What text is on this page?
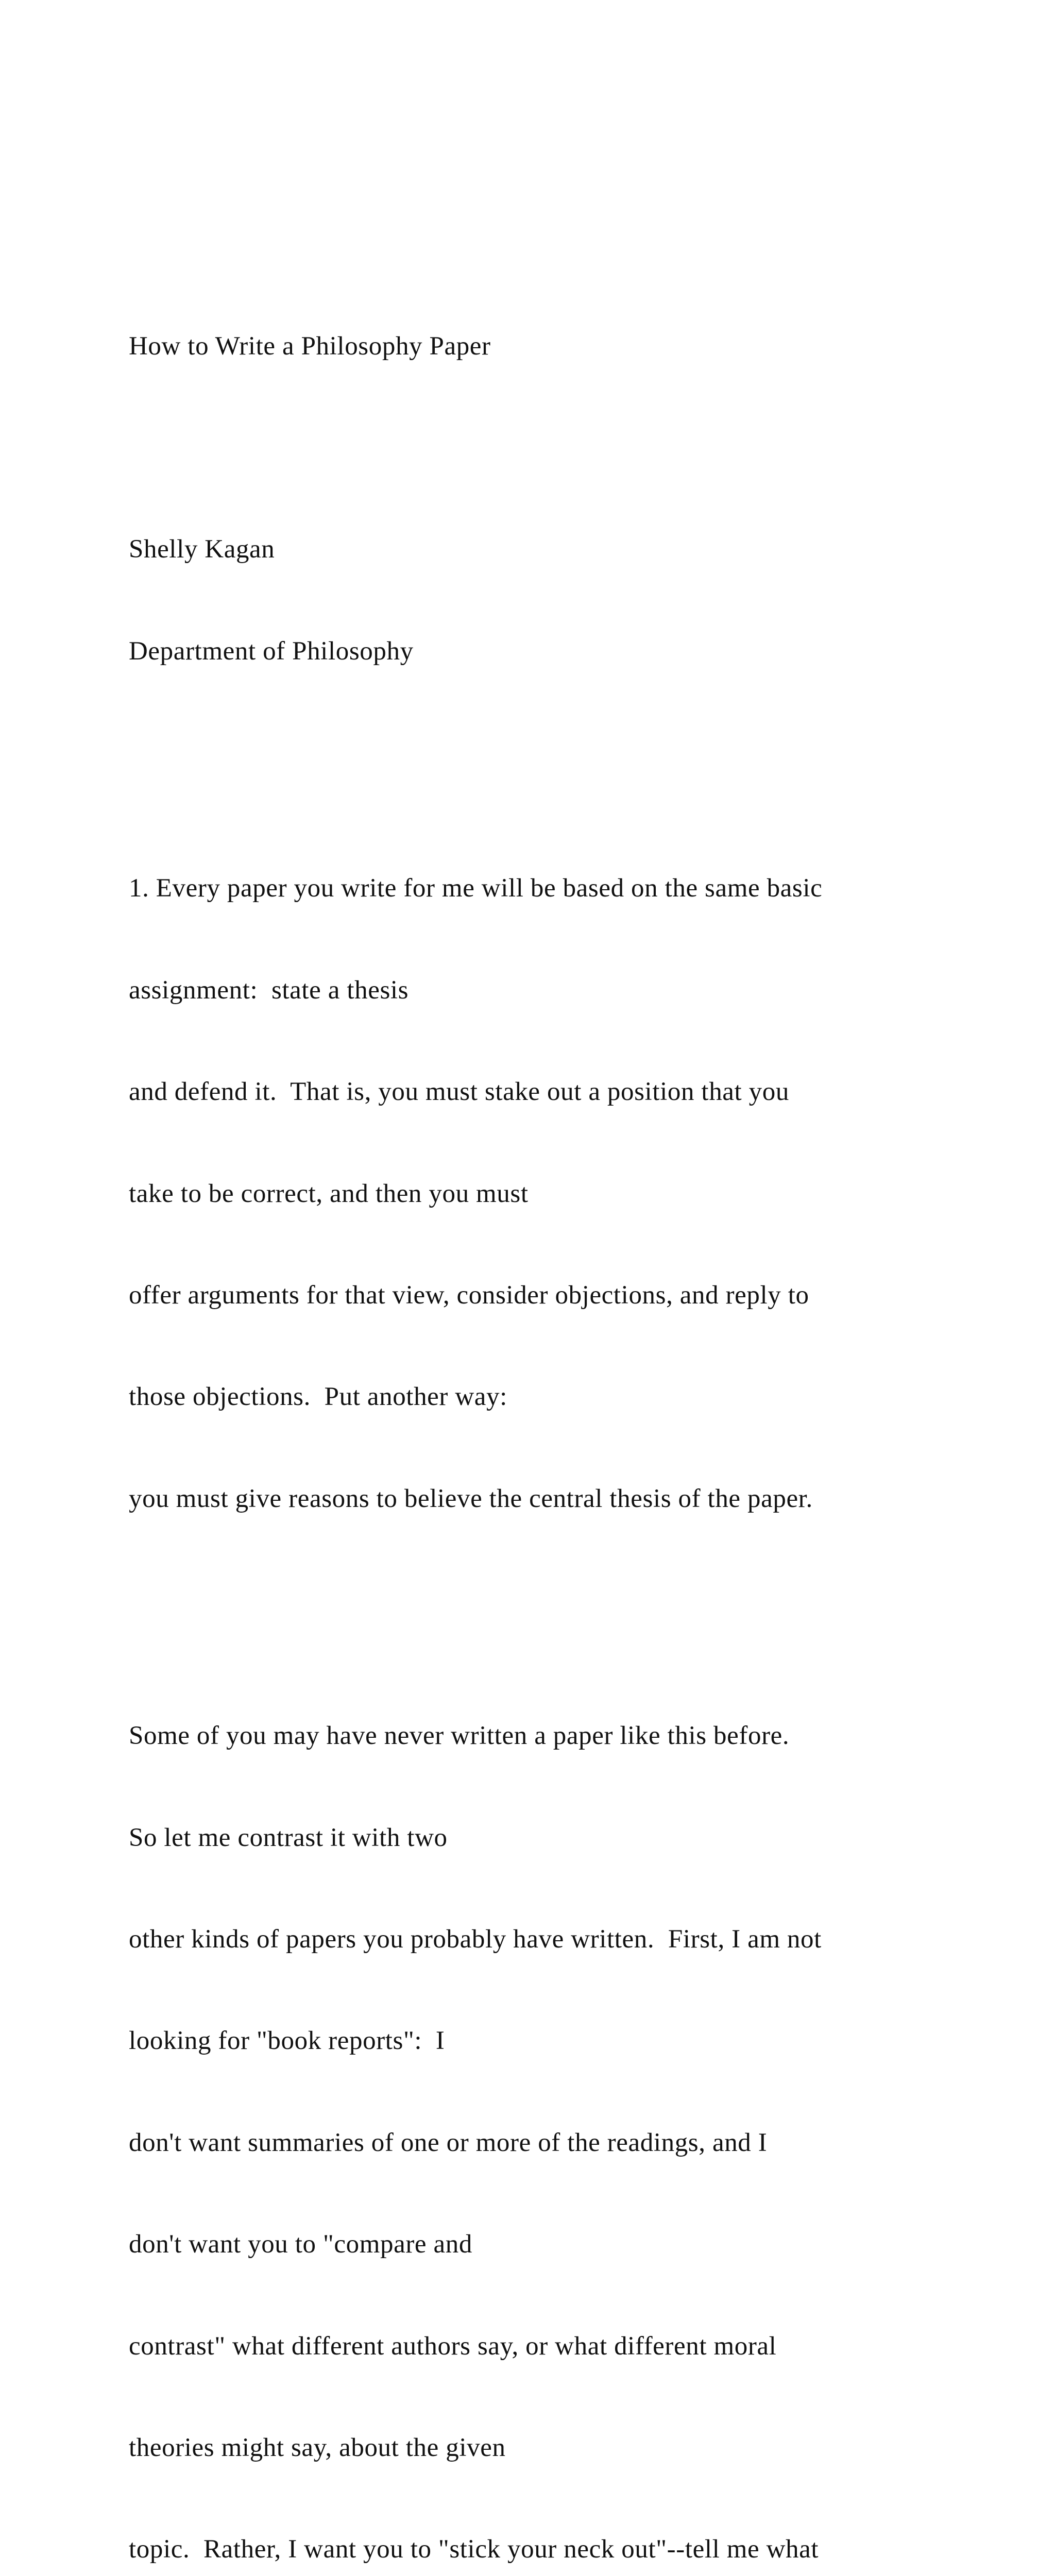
How to Write a Philosophy Paper

Shelly Kagan

Department of Philosophy

1. Every paper you write for me will be based on the same basic

assignment:  state a thesis

and defend it.  That is, you must stake out a position that you

take to be correct, and then you must

offer arguments for that view, consider objections, and reply to

those objections.  Put another way:

you must give reasons to believe the central thesis of the paper.

Some of you may have never written a paper like this before.

So let me contrast it with two

other kinds of papers you probably have written.  First, I am not

looking for "book reports":  I

don't want summaries of one or more of the readings, and I

don't want you to "compare and

contrast" what different authors say, or what different moral

theories might say, about the given

topic.  Rather, I want you to "stick your neck out"--tell me what
